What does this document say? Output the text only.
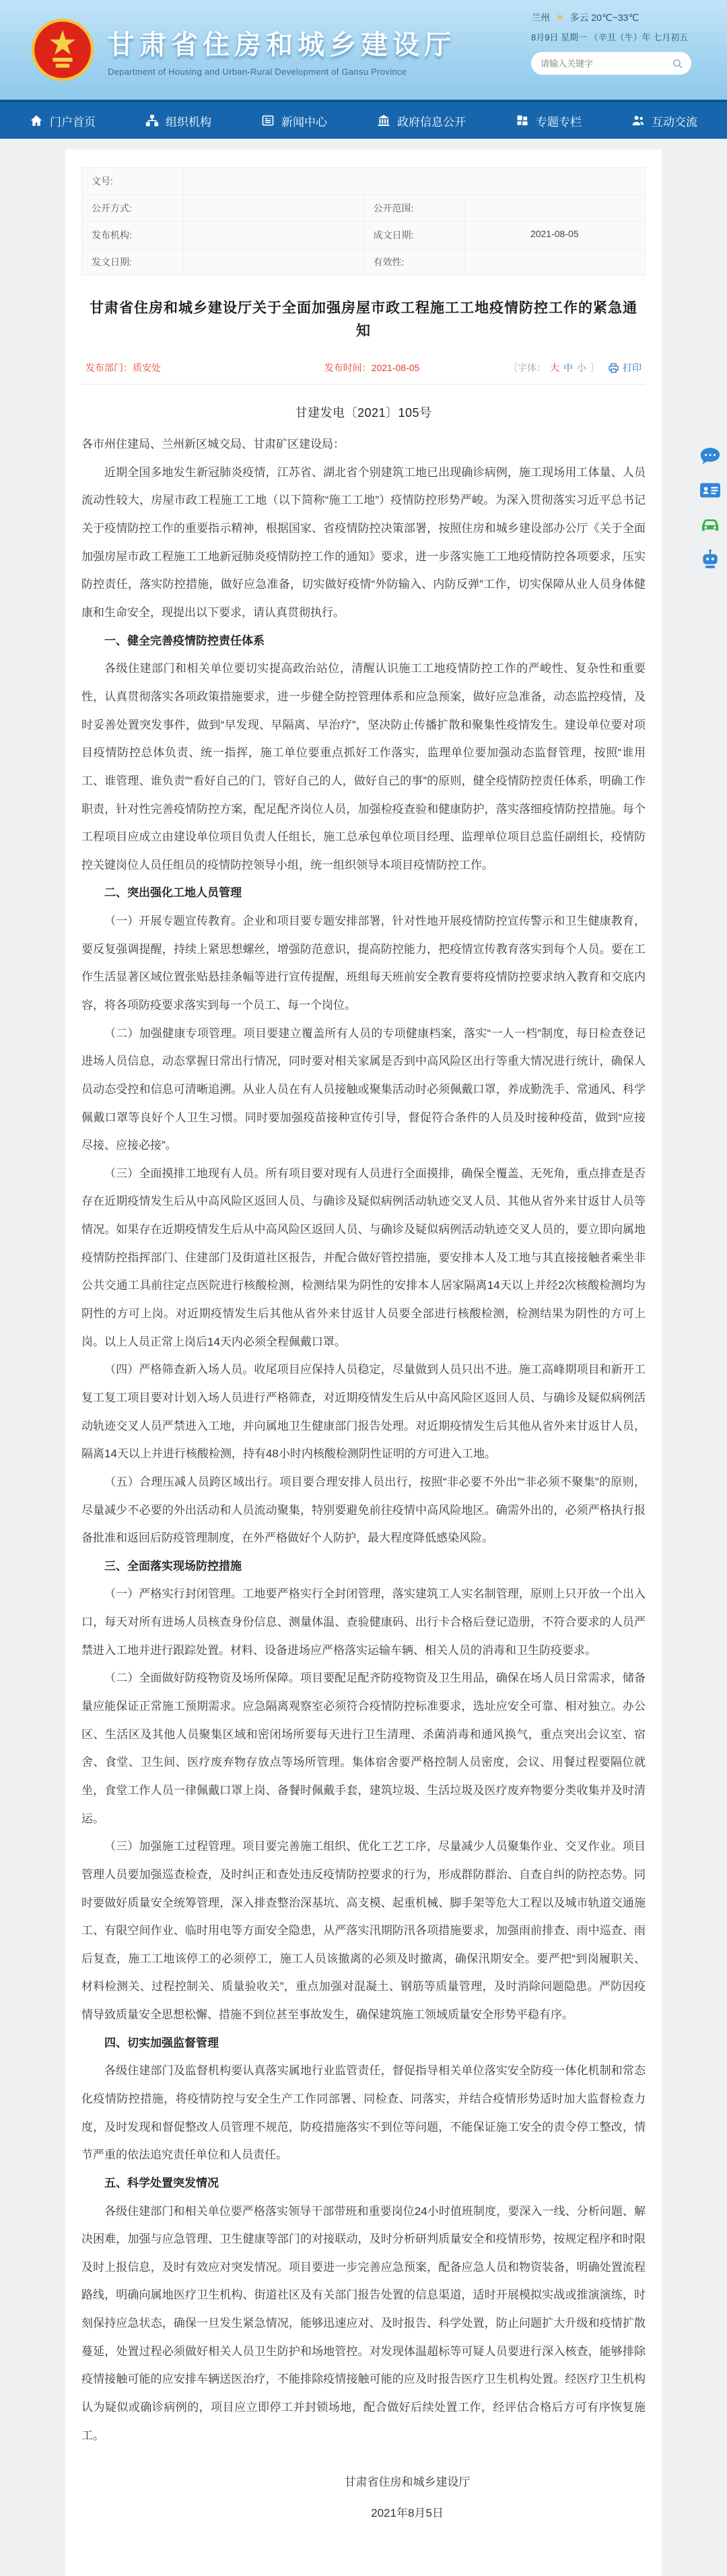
甘肃省住房和城乡建设厅
Department of Housing and Urban-Rural Development of Gansu Province
兰州 ☀ 多云 20℃~33℃
8月9日 星期一 （辛丑（牛）年 七月初五
请输入关键字
门户首页	组织机构	新闻中心	政府信息公开	专题专栏	互动交流
文号:
公开方式:	公开范围:
发布机构:	成文日期:	2021-08-05
发文日期:	有效性:
甘肃省住房和城乡建设厅关于全面加强房屋市政工程施工工地疫情防控工作的紧急通知
发布部门：质安处	发布时间：2021-08-05	〔字体： 大 中 小 〕 打印
甘建发电〔2021〕105号

各市州住建局、兰州新区城交局、甘肃矿区建设局：

近期全国多地发生新冠肺炎疫情，江苏省、湖北省个别建筑工地已出现确诊病例，施工现场用工体量、人员流动性较大，房屋市政工程施工工地（以下简称“施工工地”）疫情防控形势严峻。为深入贯彻落实习近平总书记关于疫情防控工作的重要指示精神，根据国家、省疫情防控决策部署，按照住房和城乡建设部办公厅《关于全面加强房屋市政工程施工工地新冠肺炎疫情防控工作的通知》要求，进一步落实施工工地疫情防控各项要求，压实防控责任，落实防控措施，做好应急准备，切实做好疫情“外防输入、内防反弹”工作，切实保障从业人员身体健康和生命安全，现提出以下要求，请认真贯彻执行。

一、健全完善疫情防控责任体系

各级住建部门和相关单位要切实提高政治站位，清醒认识施工工地疫情防控工作的严峻性、复杂性和重要性，认真贯彻落实各项政策措施要求，进一步健全防控管理体系和应急预案，做好应急准备，动态监控疫情，及时妥善处置突发事件，做到“早发现、早隔离、早治疗”，坚决防止传播扩散和聚集性疫情发生。建设单位要对项目疫情防控总体负责、统一指挥，施工单位要重点抓好工作落实，监理单位要加强动态监督管理，按照“谁用工、谁管理、谁负责”“看好自己的门，管好自己的人，做好自己的事”的原则，健全疫情防控责任体系，明确工作职责，针对性完善疫情防控方案，配足配齐岗位人员，加强检疫查验和健康防护，落实落细疫情防控措施。每个工程项目应成立由建设单位项目负责人任组长，施工总承包单位项目经理、监理单位项目总监任副组长，疫情防控关键岗位人员任组员的疫情防控领导小组，统一组织领导本项目疫情防控工作。

二、突出强化工地人员管理

（一）开展专题宣传教育。企业和项目要专题安排部署，针对性地开展疫情防控宣传警示和卫生健康教育，要反复强调提醒，持续上紧思想螺丝，增强防范意识，提高防控能力，把疫情宣传教育落实到每个人员。要在工作生活显著区域位置张贴悬挂条幅等进行宣传提醒，班组每天班前安全教育要将疫情防控要求纳入教育和交底内容，将各项防疫要求落实到每一个员工、每一个岗位。

（二）加强健康专项管理。项目要建立覆盖所有人员的专项健康档案，落实“一人一档”制度，每日检查登记进场人员信息，动态掌握日常出行情况，同时要对相关家属是否到中高风险区出行等重大情况进行统计，确保人员动态受控和信息可清晰追溯。从业人员在有人员接触或聚集活动时必须佩戴口罩，养成勤洗手、常通风、科学佩戴口罩等良好个人卫生习惯。同时要加强疫苗接种宣传引导，督促符合条件的人员及时接种疫苗，做到“应接尽接、应接必接”。

（三）全面摸排工地现有人员。所有项目要对现有人员进行全面摸排，确保全覆盖、无死角，重点排查是否存在近期疫情发生后从中高风险区返回人员、与确诊及疑似病例活动轨迹交叉人员、其他从省外来甘返甘人员等情况。如果存在近期疫情发生后从中高风险区返回人员、与确诊及疑似病例活动轨迹交叉人员的，要立即向属地疫情防控指挥部门、住建部门及街道社区报告，并配合做好管控措施，要安排本人及工地与其直接接触者乘坐非公共交通工具前往定点医院进行核酸检测，检测结果为阴性的安排本人居家隔离14天以上并经2次核酸检测均为阴性的方可上岗。对近期疫情发生后其他从省外来甘返甘人员要全部进行核酸检测，检测结果为阴性的方可上岗。以上人员正常上岗后14天内必须全程佩戴口罩。

（四）严格筛查新入场人员。收尾项目应保持人员稳定，尽量做到人员只出不进。施工高峰期项目和新开工复工复工项目要对计划入场人员进行严格筛查，对近期疫情发生后从中高风险区返回人员、与确诊及疑似病例活动轨迹交叉人员严禁进入工地，并向属地卫生健康部门报告处理。对近期疫情发生后其他从省外来甘返甘人员，隔离14天以上并进行核酸检测，持有48小时内核酸检测阴性证明的方可进入工地。

（五）合理压减人员跨区域出行。项目要合理安排人员出行，按照“非必要不外出”“非必须不聚集”的原则，尽量减少不必要的外出活动和人员流动聚集，特别要避免前往疫情中高风险地区。确需外出的，必须严格执行报备批准和返回后防疫管理制度，在外严格做好个人防护，最大程度降低感染风险。

三、全面落实现场防控措施

（一）严格实行封闭管理。工地要严格实行全封闭管理，落实建筑工人实名制管理，原则上只开放一个出入口，每天对所有进场人员核查身份信息、测量体温、查验健康码、出行卡合格后登记造册，不符合要求的人员严禁进入工地并进行跟踪处置。材料、设备进场应严格落实运输车辆、相关人员的消毒和卫生防疫要求。

（二）全面做好防疫物资及场所保障。项目要配足配齐防疫物资及卫生用品，确保在场人员日常需求，储备量应能保证正常施工预期需求。应急隔离观察室必须符合疫情防控标准要求，选址应安全可靠、相对独立。办公区、生活区及其他人员聚集区域和密闭场所要每天进行卫生清理、杀菌消毒和通风换气，重点突出会议室、宿舍、食堂、卫生间、医疗废弃物存放点等场所管理。集体宿舍要严格控制人员密度，会议、用餐过程要隔位就坐，食堂工作人员一律佩戴口罩上岗、备餐时佩戴手套，建筑垃圾、生活垃圾及医疗废弃物要分类收集并及时清运。

（三）加强施工过程管理。项目要完善施工组织、优化工艺工序，尽量减少人员聚集作业、交叉作业。项目管理人员要加强巡查检查，及时纠正和查处违反疫情防控要求的行为，形成群防群治、自查自纠的防控态势。同时要做好质量安全统筹管理，深入排查整治深基坑、高支模、起重机械、脚手架等危大工程以及城市轨道交通施工、有限空间作业、临时用电等方面安全隐患，从严落实汛期防汛各项措施要求，加强雨前排查、雨中巡查、雨后复查，施工工地该停工的必须停工，施工人员该撤离的必须及时撤离，确保汛期安全。要严把“到岗履职关、材料检测关、过程控制关、质量验收关”，重点加强对混凝土、钢筋等质量管理，及时消除问题隐患。严防因疫情导致质量安全思想松懈、措施不到位甚至事故发生，确保建筑施工领域质量安全形势平稳有序。

四、切实加强监督管理

各级住建部门及监督机构要认真落实属地行业监管责任，督促指导相关单位落实安全防疫一体化机制和常态化疫情防控措施，将疫情防控与安全生产工作同部署、同检查、同落实，并结合疫情形势适时加大监督检查力度，及时发现和督促整改人员管理不规范，防疫措施落实不到位等问题，不能保证施工安全的责令停工整改，情节严重的依法追究责任单位和人员责任。

五、科学处置突发情况

各级住建部门和相关单位要严格落实领导干部带班和重要岗位24小时值班制度，要深入一线、分析问题、解决困难，加强与应急管理、卫生健康等部门的对接联动，及时分析研判质量安全和疫情形势，按规定程序和时限及时上报信息，及时有效应对突发情况。项目要进一步完善应急预案，配备应急人员和物资装备，明确处置流程路线，明确向属地医疗卫生机构、街道社区及有关部门报告处置的信息渠道，适时开展模拟实战或推演演练，时刻保持应急状态，确保一旦发生紧急情况，能够迅速应对、及时报告、科学处置，防止问题扩大升级和疫情扩散蔓延，处置过程必须做好相关人员卫生防护和场地管控。对发现体温超标等可疑人员要进行深入核查，能够排除疫情接触可能的应安排车辆送医治疗，不能排除疫情接触可能的应及时报告医疗卫生机构处置。经医疗卫生机构认为疑似或确诊病例的，项目应立即停工并封锁场地，配合做好后续处置工作，经评估合格后方可有序恢复施工。

甘肃省住房和城乡建设厅
2021年8月5日
